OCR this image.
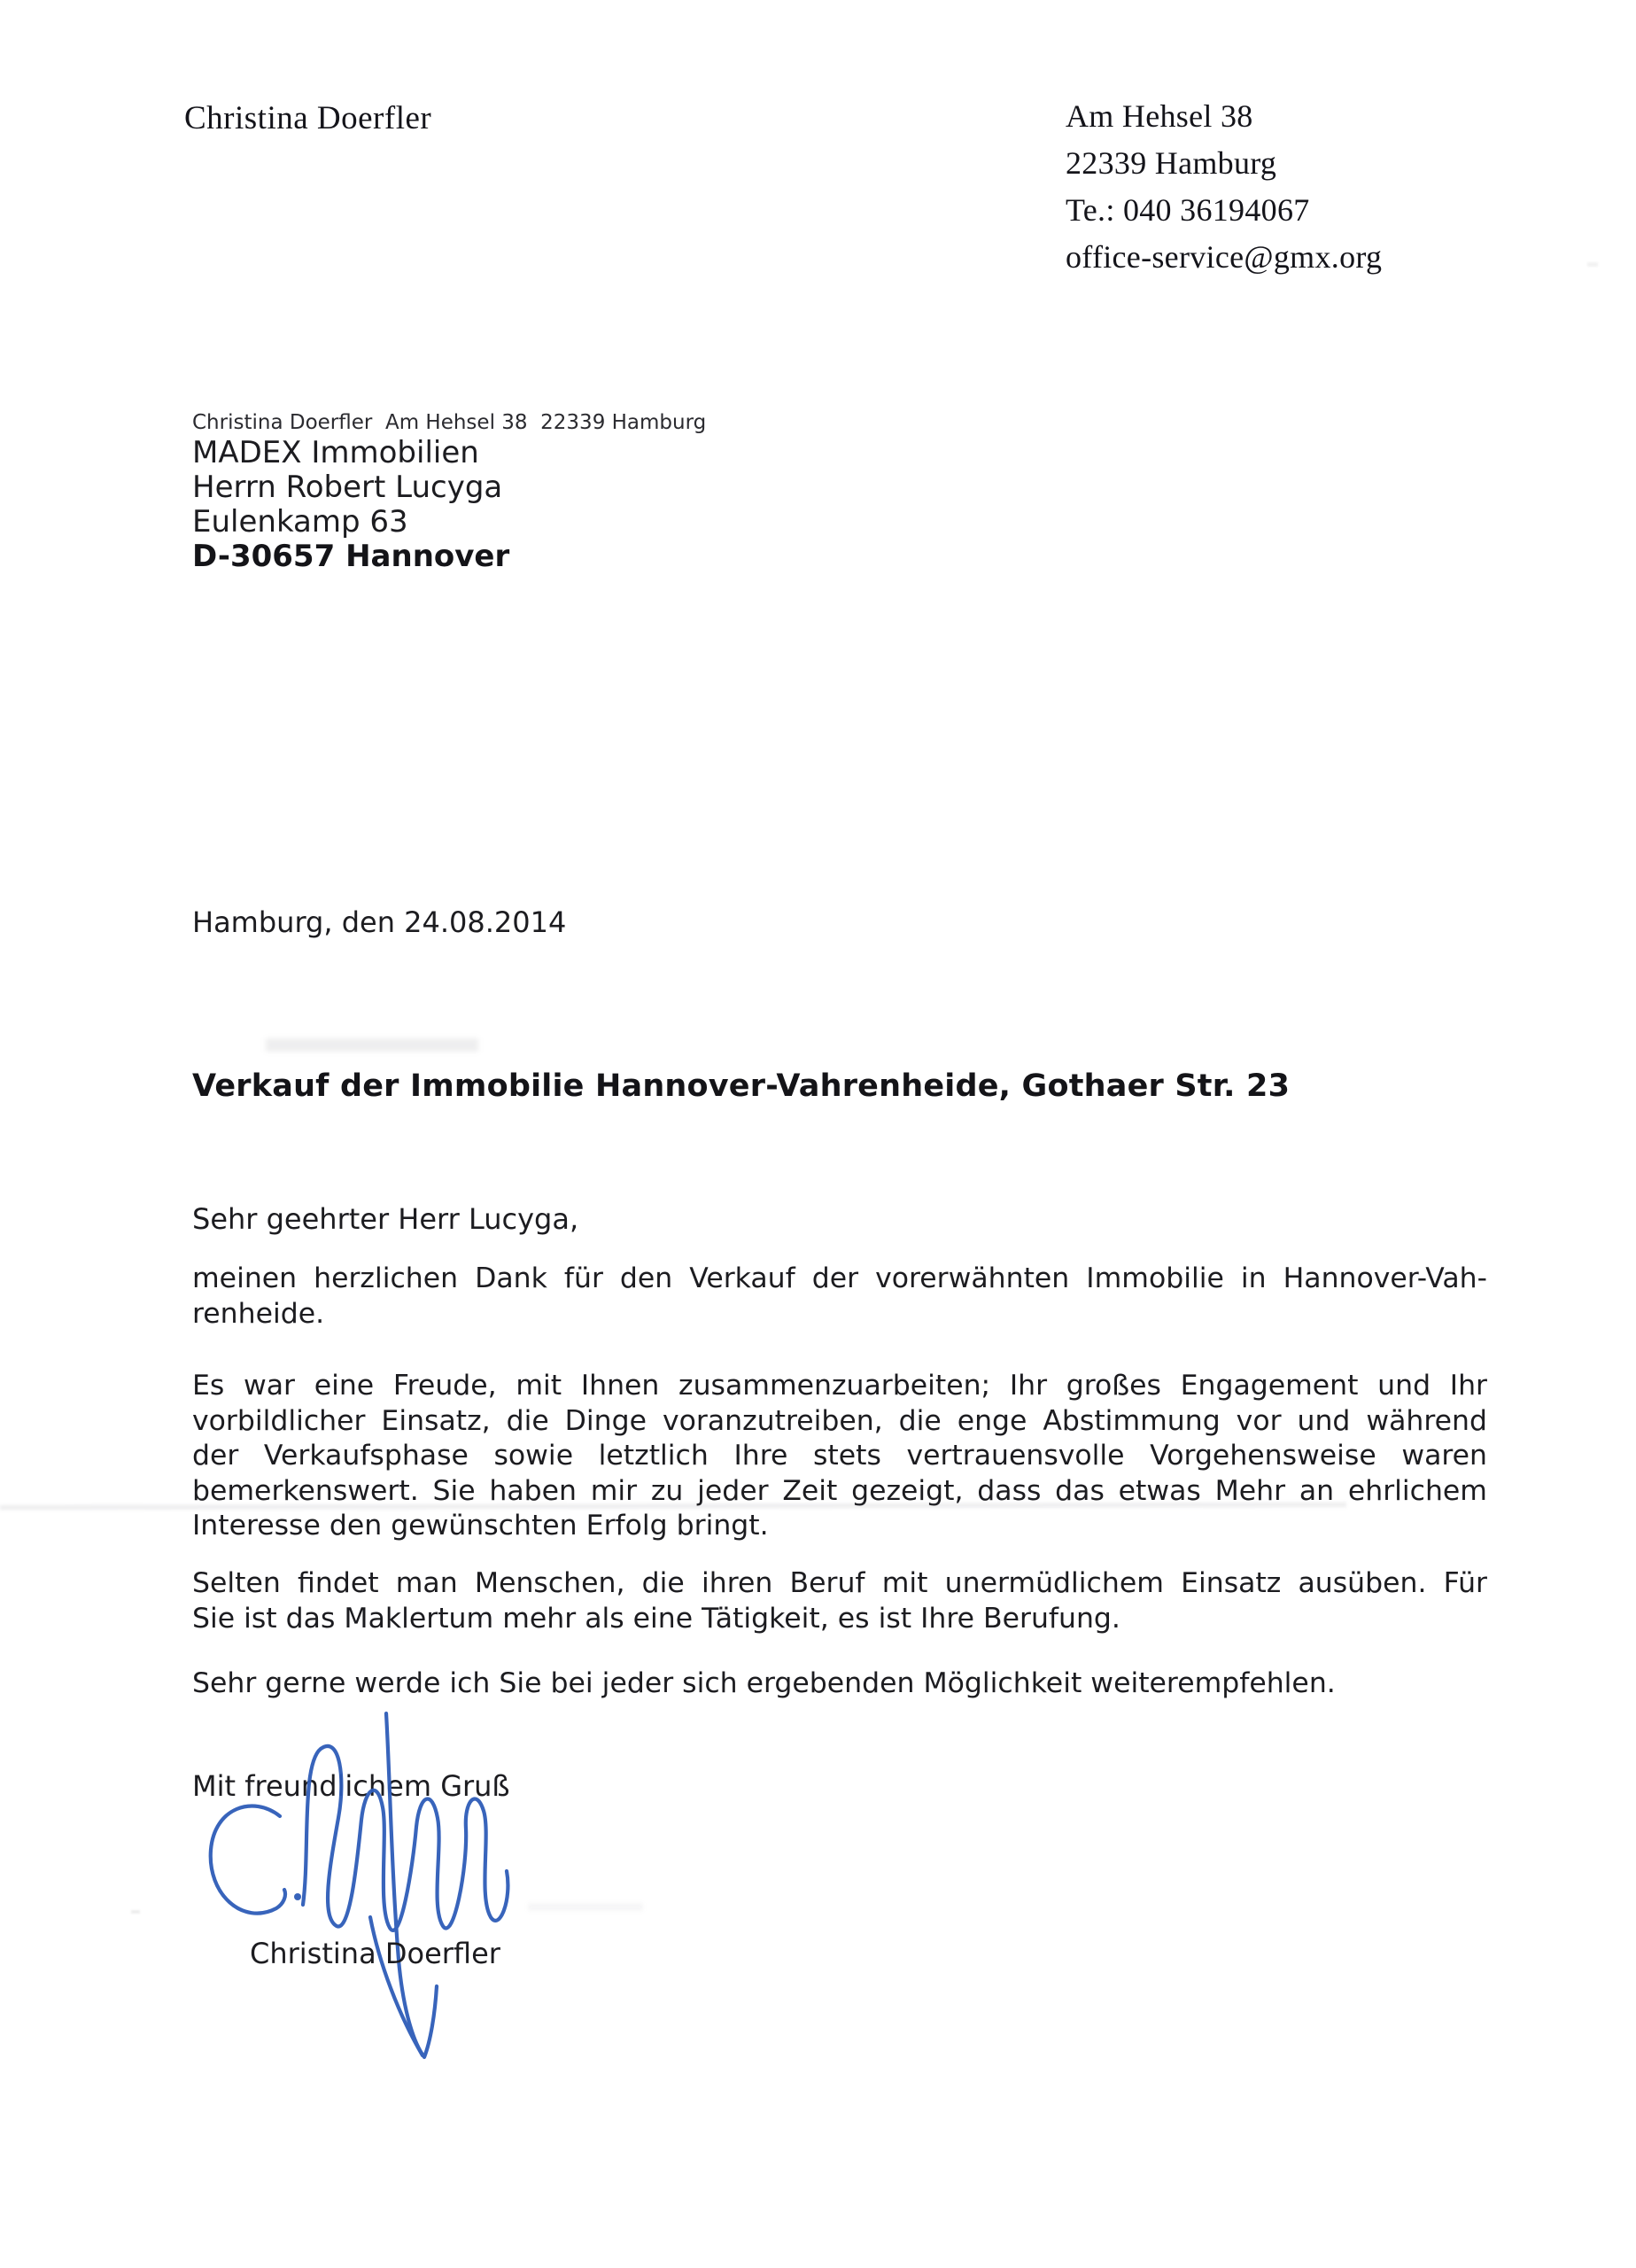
Christina Doerfler	Am Hehsel 38
22339 Hamburg
Te.: 040 36194067
office-service@gmx.org
Christina Doerfler  Am Hehsel 38  22339 Hamburg
MADEX Immobilien
Herrn Robert Lucyga
Eulenkamp 63
D-30657 Hannover
Hamburg, den 24.08.2014
Verkauf der Immobilie Hannover-Vahrenheide, Gothaer Str. 23
Sehr geehrter Herr Lucyga,
meinen herzlichen Dank für den Verkauf der vorerwähnten Immobilie in Hannover-Vah-
renheide.
Es war eine Freude, mit Ihnen zusammenzuarbeiten; Ihr großes Engagement und Ihr
vorbildlicher Einsatz, die Dinge voranzutreiben, die enge Abstimmung vor und während
der Verkaufsphase sowie letztlich Ihre stets vertrauensvolle Vorgehensweise waren
bemerkenswert. Sie haben mir zu jeder Zeit gezeigt, dass das etwas Mehr an ehrlichem
Interesse den gewünschten Erfolg bringt.
Selten findet man Menschen, die ihren Beruf mit unermüdlichem Einsatz ausüben. Für
Sie ist das Maklertum mehr als eine Tätigkeit, es ist Ihre Berufung.
Sehr gerne werde ich Sie bei jeder sich ergebenden Möglichkeit weiterempfehlen.
Mit freundlichem Gruß
Christina Doerfler
